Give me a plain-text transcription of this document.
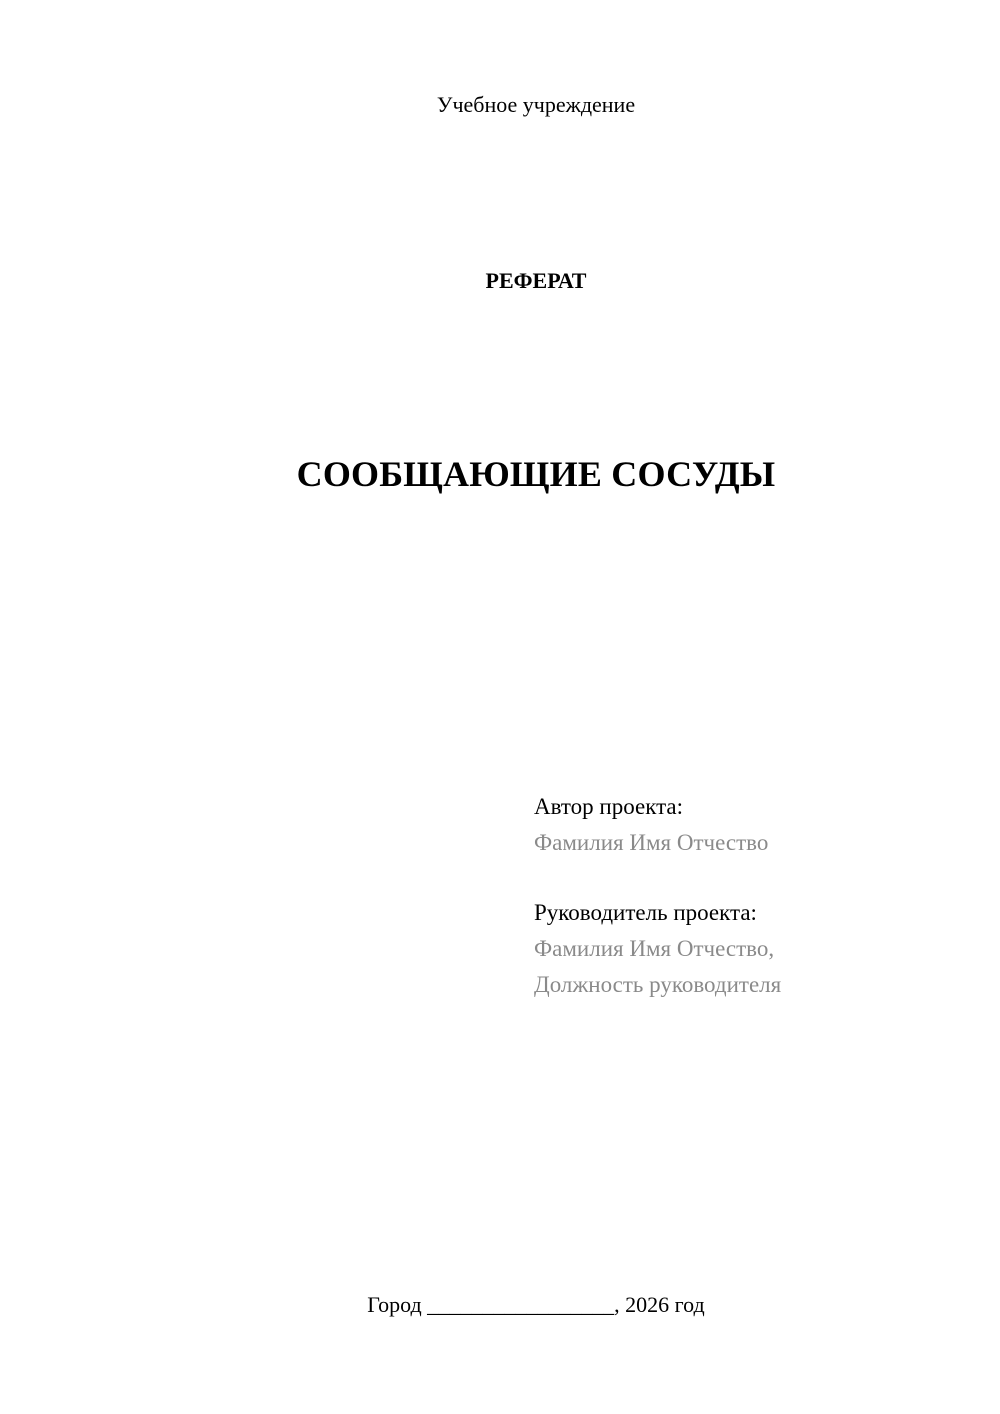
Учебное учреждение
РЕФЕРАТ
СООБЩАЮЩИЕ СОСУДЫ
Автор проекта:
Фамилия Имя Отчество
Руководитель проекта:
Фамилия Имя Отчество,
Должность руководителя
Город _________________, 2026 год
